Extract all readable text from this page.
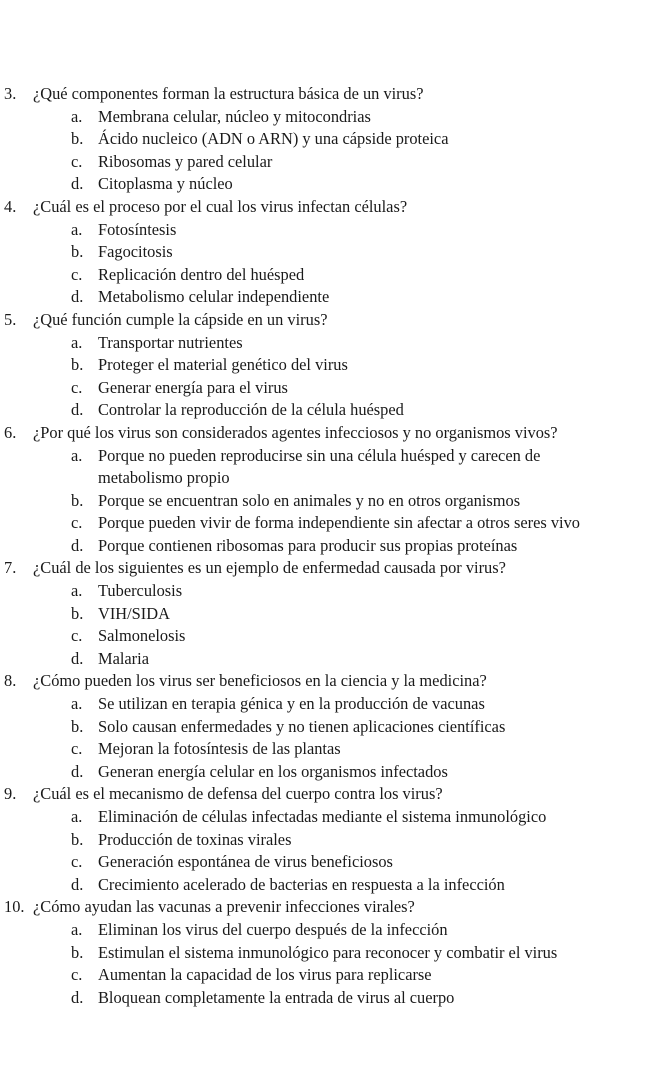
3. ¿Qué componentes forman la estructura básica de un virus?
a. Membrana celular, núcleo y mitocondrias
b. Ácido nucleico (ADN o ARN) y una cápside proteica
c. Ribosomas y pared celular
d. Citoplasma y núcleo
4. ¿Cuál es el proceso por el cual los virus infectan células?
a. Fotosíntesis
b. Fagocitosis
c. Replicación dentro del huésped
d. Metabolismo celular independiente
5. ¿Qué función cumple la cápside en un virus?
a. Transportar nutrientes
b. Proteger el material genético del virus
c. Generar energía para el virus
d. Controlar la reproducción de la célula huésped
6. ¿Por qué los virus son considerados agentes infecciosos y no organismos vivos?
a. Porque no pueden reproducirse sin una célula huésped y carecen de
metabolismo propio
b. Porque se encuentran solo en animales y no en otros organismos
c. Porque pueden vivir de forma independiente sin afectar a otros seres vivo
d. Porque contienen ribosomas para producir sus propias proteínas
7. ¿Cuál de los siguientes es un ejemplo de enfermedad causada por virus?
a. Tuberculosis
b. VIH/SIDA
c. Salmonelosis
d. Malaria
8. ¿Cómo pueden los virus ser beneficiosos en la ciencia y la medicina?
a. Se utilizan en terapia génica y en la producción de vacunas
b. Solo causan enfermedades y no tienen aplicaciones científicas
c. Mejoran la fotosíntesis de las plantas
d. Generan energía celular en los organismos infectados
9. ¿Cuál es el mecanismo de defensa del cuerpo contra los virus?
a. Eliminación de células infectadas mediante el sistema inmunológico
b. Producción de toxinas virales
c. Generación espontánea de virus beneficiosos
d. Crecimiento acelerado de bacterias en respuesta a la infección
10. ¿Cómo ayudan las vacunas a prevenir infecciones virales?
a. Eliminan los virus del cuerpo después de la infección
b. Estimulan el sistema inmunológico para reconocer y combatir el virus
c. Aumentan la capacidad de los virus para replicarse
d. Bloquean completamente la entrada de virus al cuerpo
